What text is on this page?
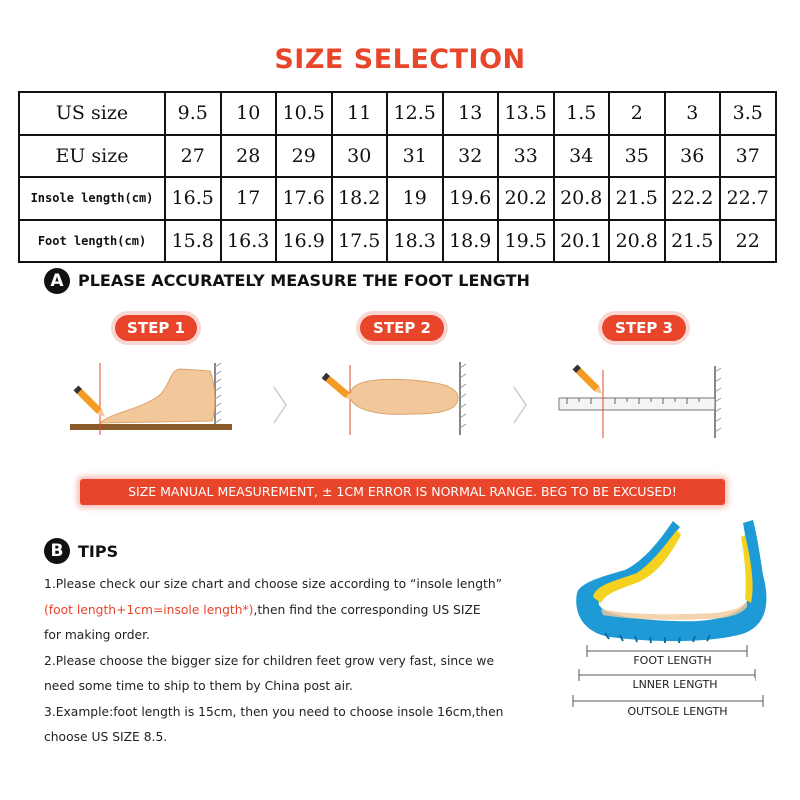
SIZE SELECTION
US size	9.5	10	10.5	11	12.5	13	13.5	1.5	2	3	3.5
EU size	27	28	29	30	31	32	33	34	35	36	37
Insole length(cm)	16.5	17	17.6	18.2	19	19.6	20.2	20.8	21.5	22.2	22.7
Foot length(cm)	15.8	16.3	16.9	17.5	18.3	18.9	19.5	20.1	20.8	21.5	22
A PLEASE ACCURATELY MEASURE THE FOOT LENGTH
STEP 1	STEP 2	STEP 3
SIZE MANUAL MEASUREMENT, ± 1CM ERROR IS NORMAL RANGE. BEG TO BE EXCUSED!
B TIPS
1.Please check our size chart and choose size according to “insole length”
(foot length+1cm=insole length*),then find the corresponding US SIZE
for making order.
2.Please choose the bigger size for children feet grow very fast, since we
need some time to ship to them by China post air.
3.Example:foot length is 15cm, then you need to choose insole 16cm,then
choose US SIZE 8.5.
FOOT LENGTH
LNNER LENGTH
OUTSOLE LENGTH
